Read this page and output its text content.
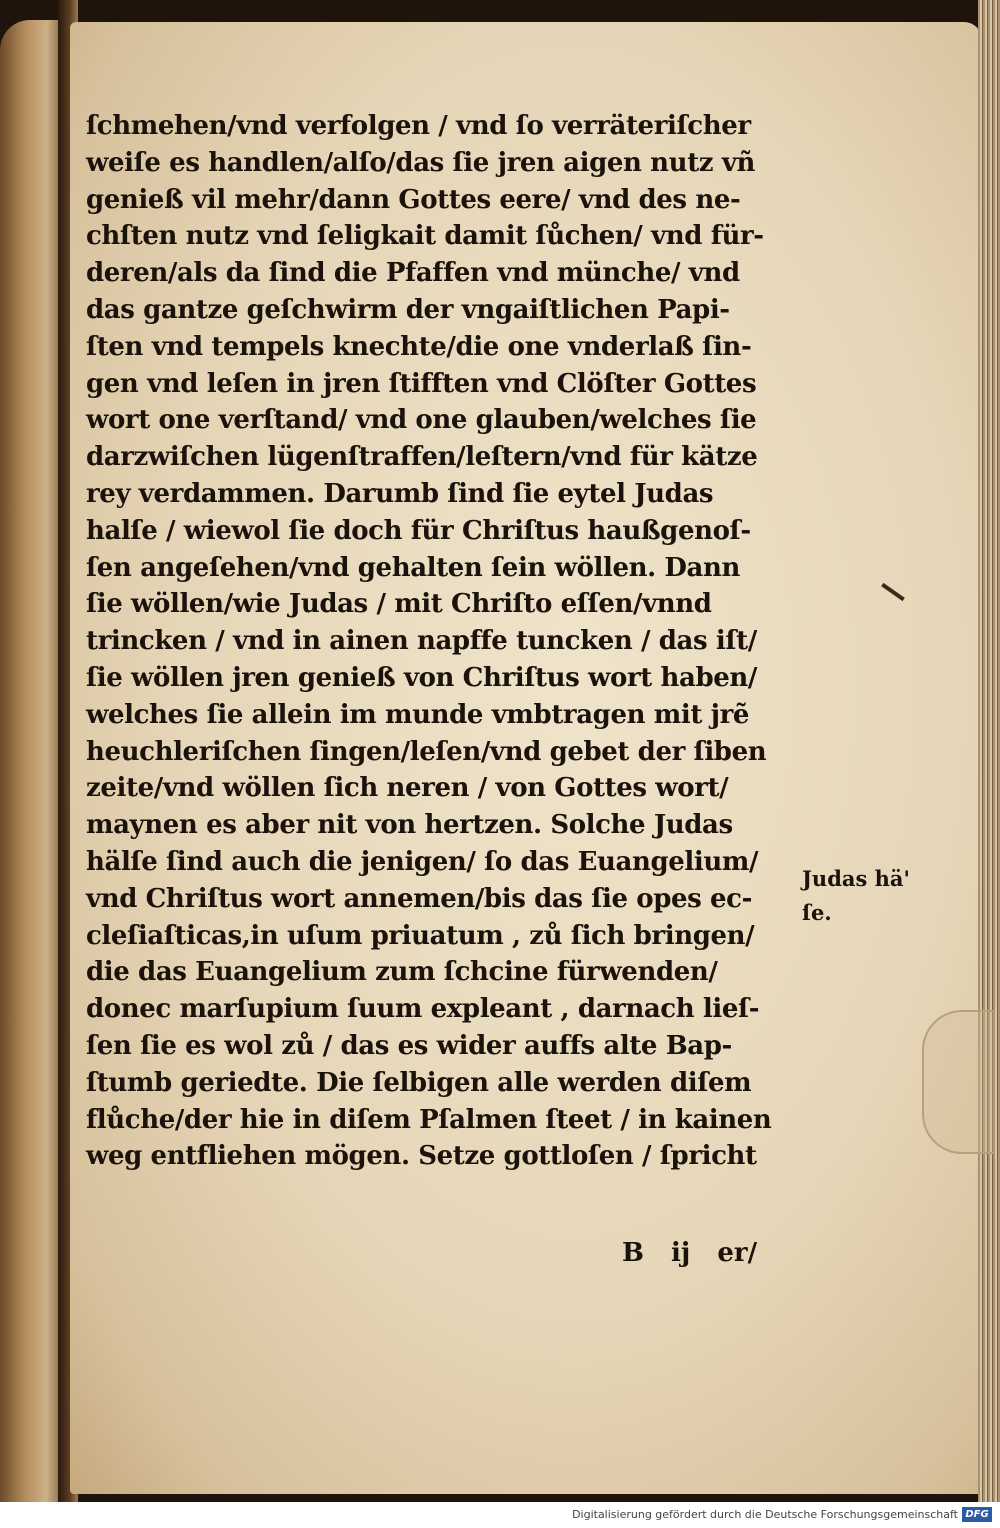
ſchmehen/vnd verfolgen / vnd ſo verräteriſcher
weiſe es handlen/alſo/das ſie jren aigen nutz vñ
genieß vil mehr/dann Gottes eere/ vnd des ne-
chſten nutz vnd ſeligkait damit ſůchen/ vnd für-
deren/als da ſind die Pfaffen vnd münche/ vnd
das gantze geſchwirm der vngaiſtlichen Papi-
ſten vnd tempels knechte/die one vnderlaß ſin-
gen vnd leſen in jren ſtifften vnd Clöſter Gottes
wort one verſtand/ vnd one glauben/welches ſie
darzwiſchen lügenſtraffen/leſtern/vnd für kätze
rey verdammen. Darumb ſind ſie eytel Judas
halſe / wiewol ſie doch für Chriſtus haußgenoſ-
ſen angeſehen/vnd gehalten ſein wöllen. Dann
ſie wöllen/wie Judas / mit Chriſto eſſen/vnnd
trincken / vnd in ainen napffe tuncken / das iſt/
ſie wöllen jren genieß von Chriſtus wort haben/
welches ſie allein im munde vmbtragen mit jrẽ
heuchleriſchen ſingen/leſen/vnd gebet der ſiben
zeite/vnd wöllen ſich neren / von Gottes wort/
maynen es aber nit von hertzen. Solche Judas
hälſe ſind auch die jenigen/ ſo das Euangelium/
vnd Chriſtus wort annemen/bis das ſie opes ec-
cleſiaſticas,in uſum priuatum , zů ſich bringen/
die das Euangelium zum ſchcine fürwenden/
donec marſupium ſuum expleant , darnach lieſ-
ſen ſie es wol zů / das es wider auffs alte Bap-
ſtumb geriedte. Die ſelbigen alle werden diſem
flůche/der hie in diſem Pſalmen ſteet / in kainen
weg entfliehen mögen. Setze gottloſen / ſpricht
B ij er/
Judas hä'
ſe.
Digitalisierung gefördert durch die Deutsche Forschungsgemeinschaft DFG
